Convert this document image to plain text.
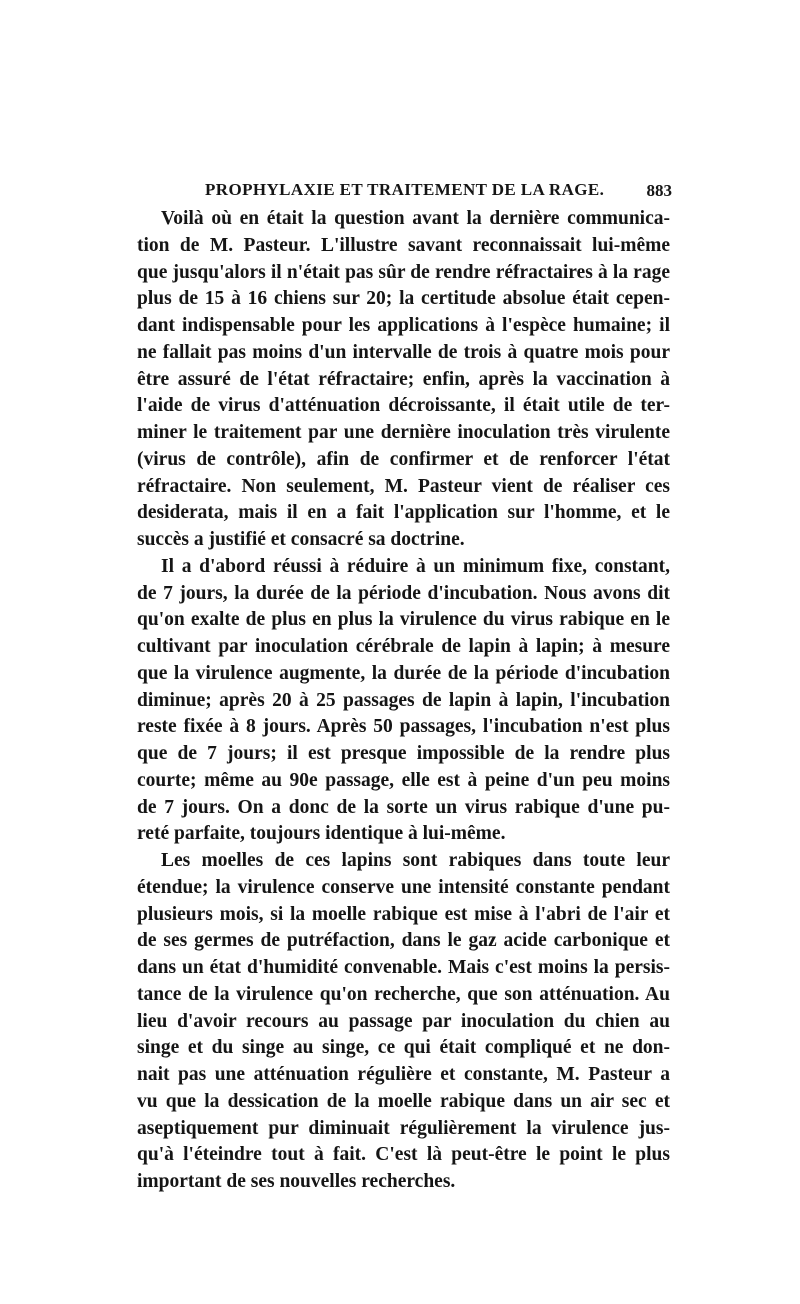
PROPHYLAXIE ET TRAITEMENT DE LA RAGE.	883
Voilà où en était la question avant la dernière communica-
tion de M. Pasteur. L'illustre savant reconnaissait lui-même
que jusqu'alors il n'était pas sûr de rendre réfractaires à la rage
plus de 15 à 16 chiens sur 20; la certitude absolue était cepen-
dant indispensable pour les applications à l'espèce humaine; il
ne fallait pas moins d'un intervalle de trois à quatre mois pour
être assuré de l'état réfractaire; enfin, après la vaccination à
l'aide de virus d'atténuation décroissante, il était utile de ter-
miner le traitement par une dernière inoculation très virulente
(virus de contrôle), afin de confirmer et de renforcer l'état
réfractaire. Non seulement, M. Pasteur vient de réaliser ces
desiderata, mais il en a fait l'application sur l'homme, et le
succès a justifié et consacré sa doctrine.
Il a d'abord réussi à réduire à un minimum fixe, constant,
de 7 jours, la durée de la période d'incubation. Nous avons dit
qu'on exalte de plus en plus la virulence du virus rabique en le
cultivant par inoculation cérébrale de lapin à lapin; à mesure
que la virulence augmente, la durée de la période d'incubation
diminue; après 20 à 25 passages de lapin à lapin, l'incubation
reste fixée à 8 jours. Après 50 passages, l'incubation n'est plus
que de 7 jours; il est presque impossible de la rendre plus
courte; même au 90e passage, elle est à peine d'un peu moins
de 7 jours. On a donc de la sorte un virus rabique d'une pu-
reté parfaite, toujours identique à lui-même.
Les moelles de ces lapins sont rabiques dans toute leur
étendue; la virulence conserve une intensité constante pendant
plusieurs mois, si la moelle rabique est mise à l'abri de l'air et
de ses germes de putréfaction, dans le gaz acide carbonique et
dans un état d'humidité convenable. Mais c'est moins la persis-
tance de la virulence qu'on recherche, que son atténuation. Au
lieu d'avoir recours au passage par inoculation du chien au
singe et du singe au singe, ce qui était compliqué et ne don-
nait pas une atténuation régulière et constante, M. Pasteur a
vu que la dessication de la moelle rabique dans un air sec et
aseptiquement pur diminuait régulièrement la virulence jus-
qu'à l'éteindre tout à fait. C'est là peut-être le point le plus
important de ses nouvelles recherches.
